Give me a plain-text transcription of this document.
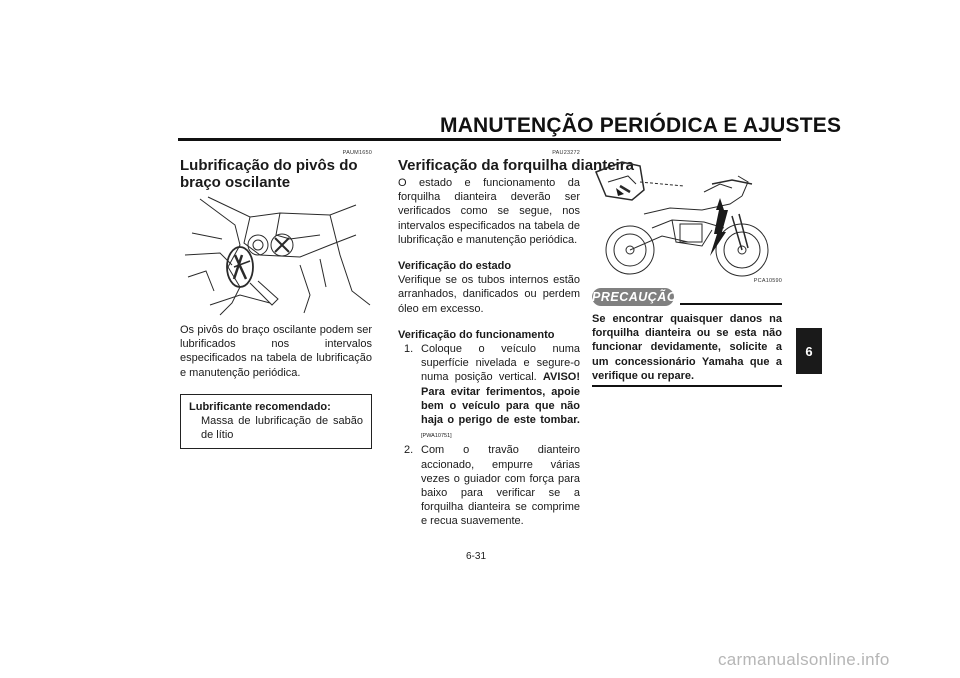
MANUTENÇÃO PERIÓDICA E AJUSTES
PAUM1650
Lubrificação do pivôs do braço oscilante

Os pivôs do braço oscilante podem ser lubrificados nos intervalos especificados na tabela de lubrificação e manutenção periódica.

Lubrificante recomendado:
Massa de lubrificação de sabão de lítio
PAU23272
Verificação da forquilha dianteira

O estado e funcionamento da forquilha dianteira deverão ser verificados como se segue, nos intervalos especificados na tabela de lubrificação e manutenção periódica.

Verificação do estado

Verifique se os tubos internos estão arranhados, danificados ou perdem óleo em excesso.

Verificação do funcionamento

1. Coloque o veículo numa superfície nivelada e segure-o numa posição vertical. AVISO! Para evitar ferimentos, apoie bem o veículo para que não haja o perigo de este tombar. [PWA10751]
2. Com o travão dianteiro accionado, empurre várias vezes o guiador com força para baixo para verificar se a forquilha dianteira se comprime e recua suavemente.
PCA10590
PRECAUÇÃO

Se encontrar quaisquer danos na forquilha dianteira ou se esta não funcionar devidamente, solicite a um concessionário Yamaha que a verifique ou repare.

6
6-31
carmanualsonline.info
